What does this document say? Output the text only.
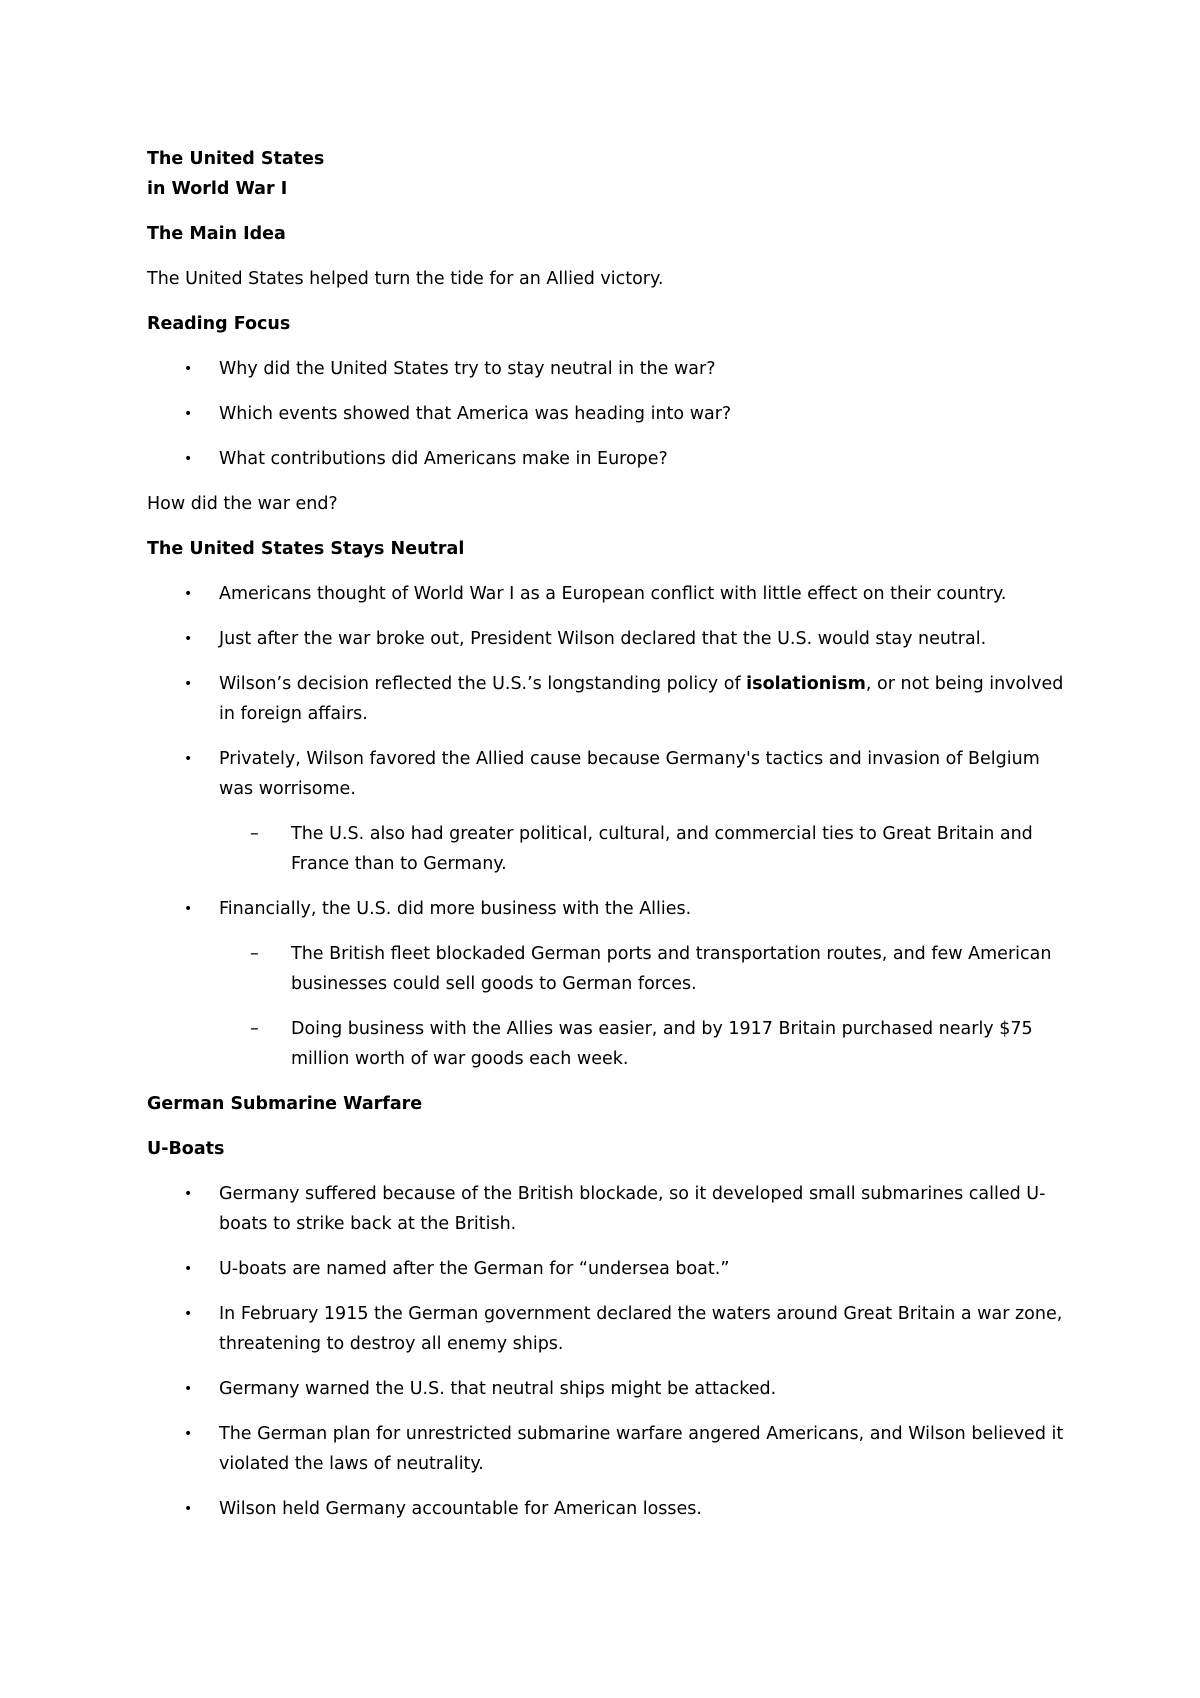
The United States

in World War I

The Main Idea

The United States helped turn the tide for an Allied victory.

Reading Focus

• Why did the United States try to stay neutral in the war?
• Which events showed that America was heading into war?
• What contributions did Americans make in Europe?

How did the war end?

The United States Stays Neutral

• Americans thought of World War I as a European conflict with little effect on their country.
• Just after the war broke out, President Wilson declared that the U.S. would stay neutral.
• Wilson’s decision reflected the U.S.’s longstanding policy of isolationism, or not being involved in foreign affairs.
• Privately, Wilson favored the Allied cause because Germany's tactics and invasion of Belgium was worrisome.
– The U.S. also had greater political, cultural, and commercial ties to Great Britain and France than to Germany.
• Financially, the U.S. did more business with the Allies.
– The British fleet blockaded German ports and transportation routes, and few American businesses could sell goods to German forces.
– Doing business with the Allies was easier, and by 1917 Britain purchased nearly $75 million worth of war goods each week.

German Submarine Warfare

U-Boats

• Germany suffered because of the British blockade, so it developed small submarines called U-boats to strike back at the British.
• U-boats are named after the German for “undersea boat.”
• In February 1915 the German government declared the waters around Great Britain a war zone, threatening to destroy all enemy ships.
• Germany warned the U.S. that neutral ships might be attacked.
• The German plan for unrestricted submarine warfare angered Americans, and Wilson believed it violated the laws of neutrality.
• Wilson held Germany accountable for American losses.
